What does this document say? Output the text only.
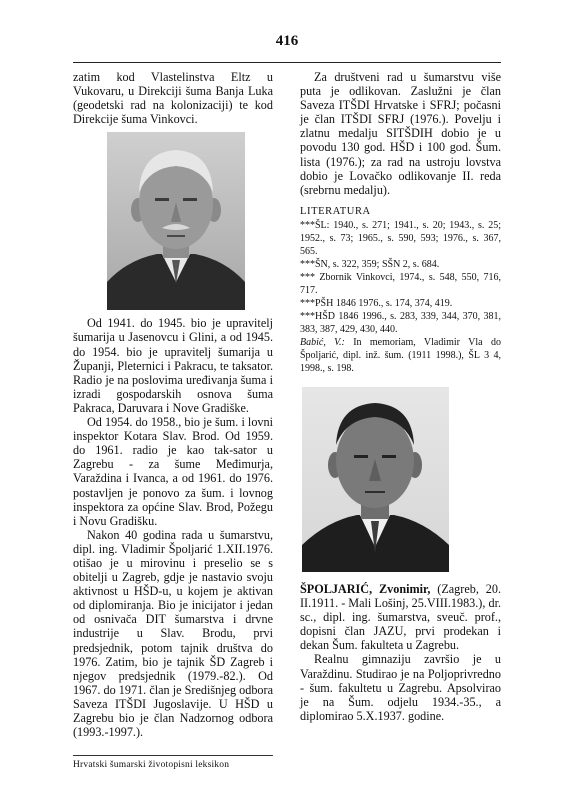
416

zatim kod Vlastelinstva Eltz u Vukovaru, u Direkciji šuma Banja Luka (geodetski rad na kolonizaciji) te kod Direkcije šuma Vinkovci.

Od 1941. do 1945. bio je upravitelj šumarija u Jasenovcu i Glini, a od 1945. do 1954. bio je upravitelj šumarija u Županji, Pleternici i Pakracu, te taksator. Radio je na poslovima uređivanja šuma i izradi gospodarskih osnova šuma Pakraca, Daruvara i Nove Gradiške.

Od 1954. do 1958., bio je šum. i lovni inspektor Kotara Slav. Brod. Od 1959. do 1961. radio je kao tak-sator u Zagrebu - za šume Međimurja, Varaždina i Ivanca, a od 1961. do 1976. postavljen je ponovo za šum. i lovnog inspektora za općine Slav. Brod, Požegu i Novu Gradišku.

Nakon 40 godina rada u šumarstvu, dipl. ing. Vladimir Špoljarić 1.XII.1976. otišao je u mirovinu i preselio se s obitelji u Zagreb, gdje je nastavio svoju aktivnost u HŠD-u, u kojem je aktivan od diplomiranja. Bio je inicijator i jedan od osnivača DIT šumarstva i drvne industrije u Slav. Brodu, prvi predsjednik, potom tajnik društva do 1976. Zatim, bio je tajnik ŠD Zagreb i njegov predsjednik (1979.-82.). Od 1967. do 1971. član je Središnjeg odbora Saveza ITŠDI Jugoslavije. U HŠD u Zagrebu bio je član Nadzornog odbora (1993.-1997.).

Za društveni rad u šumarstvu više puta je odlikovan. Zaslužni je član Saveza ITŠDI Hrvatske i SFRJ; počasni je član ITŠDI SFRJ (1976.). Povelju i zlatnu medalju SITŠDIH dobio je u povodu 130 god. HŠD i 100 god. Šum. lista (1976.); za rad na ustroju lovstva dobio je Lovačko odlikovanje II. reda (srebrnu medalju).

LITERATURA

***ŠL: 1940., s. 271; 1941., s. 20; 1943., s. 25; 1952., s. 73; 1965., s. 590, 593; 1976., s. 367, 565.

***ŠN, s. 322, 359; SŠN 2, s. 684.

*** Zbornik Vinkovci, 1974., s. 548, 550, 716, 717.

***PŠH 1846 1976., s. 174, 374, 419.

***HŠD 1846 1996., s. 283, 339, 344, 370, 381, 383, 387, 429, 430, 440.

Babić, V.: In memoriam, Vladimir Vla do Špoljarić, dipl. inž. šum. (1911 1998.), ŠL 3 4, 1998., s. 198.

ŠPOLJARIĆ, Zvonimir, (Zagreb, 20. II.1911. - Mali Lošinj, 25.VIII.1983.), dr. sc., dipl. ing. šumarstva, sveuč. prof., dopisni član JAZU, prvi prodekan i dekan Šum. fakulteta u Zagrebu.

Realnu gimnaziju završio je u Varaždinu. Studirao je na Poljoprivredno - šum. fakultetu u Zagrebu. Apsolvirao je na Šum. odjelu 1934.-35., a diplomirao 5.X.1937. godine.

Hrvatski šumarski životopisni leksikon
